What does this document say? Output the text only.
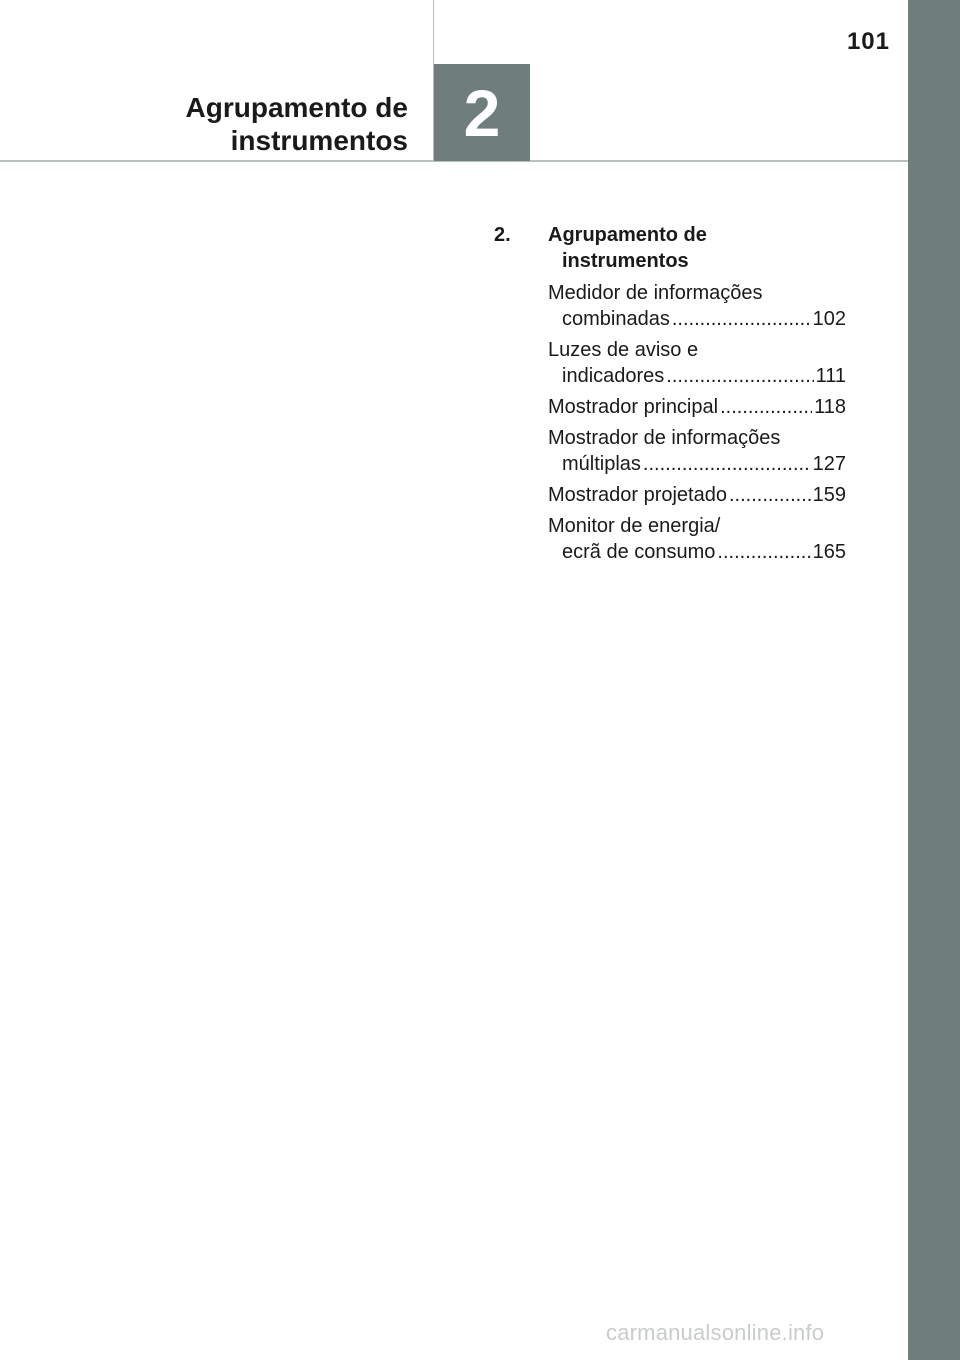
101
2
Agrupamento de
instrumentos
2.	Agrupamento de
instrumentos
Medidor de informações
combinadas .....	102
Luzes de aviso e
indicadores .....	111
Mostrador principal .....	118
Mostrador de informações
múltiplas .....	127
Mostrador projetado .....	159
Monitor de energia/
ecrã de consumo .....	165
carmanualsonline.info
